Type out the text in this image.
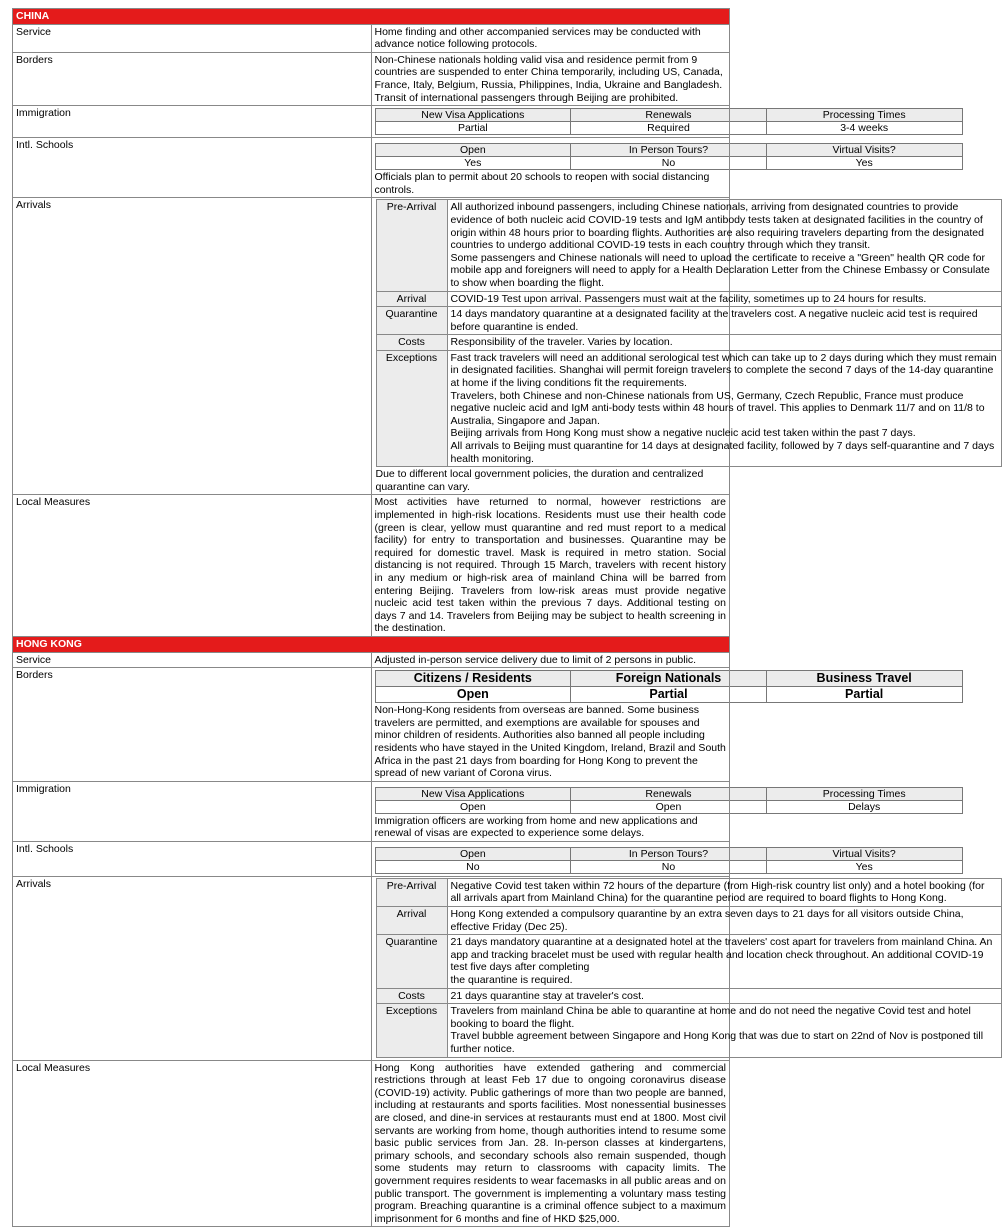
CHINA
Service	Home finding and other accompanied services may be conducted with advance notice following protocols.
Borders	Non-Chinese nationals holding valid visa and residence permit from 9 countries are suspended to enter China temporarily, including US, Canada, France, Italy, Belgium, Russia, Philippines, India, Ukraine and Bangladesh. Transit of international passengers through Beijing are prohibited.
Immigration		New Visa Applications	Renewals	Processing Times
Partial	Required	3-4 weeks

Intl. Schools		Open	In Person Tours?	Virtual Visits?
Yes	No	Yes

Officials plan to permit about 20 schools to reopen with social distancing controls.

Arrivals		Pre-Arrival	All authorized inbound passengers, including Chinese nationals, arriving from designated countries to provide evidence of both nucleic acid COVID-19 tests and IgM antibody tests taken at designated facilities in the country of origin within 48 hours prior to boarding flights. Authorities are also requiring travelers departing from the designated countries to undergo additional COVID-19 tests in each country through which they transit.

Some passengers and Chinese nationals will need to upload the certificate to receive a "Green" health QR code for mobile app and foreigners will need to apply for a Health Declaration Letter from the Chinese Embassy or Consulate to show when boarding the flight.

Arrival	COVID-19 Test upon arrival. Passengers must wait at the facility, sometimes up to 24 hours for results.
Quarantine	14 days mandatory quarantine at a designated facility at the travelers cost. A negative nucleic acid test is required before quarantine is ended.
Costs	Responsibility of the traveler. Varies by location.
Exceptions	Fast track travelers will need an additional serological test which can take up to 2 days during which they must remain in designated facilities. Shanghai will permit foreign travelers to complete the second 7 days of the 14-day quarantine at home if the living conditions fit the requirements.

Travelers, both Chinese and non-Chinese nationals from US, Germany, Czech Republic, France must produce negative nucleic acid and IgM anti-body tests within 48 hours of travel. This applies to Denmark 11/7 and on 11/8 to Australia, Singapore and Japan.

Beijing arrivals from Hong Kong must show a negative nucleic acid test taken within the past 7 days.

All arrivals to Beijing must quarantine for 14 days at designated facility, followed by 7 days self-quarantine and 7 days health monitoring.

Due to different local government policies, the duration and centralized quarantine can vary.

Local Measures	Most activities have returned to normal, however restrictions are implemented in high-risk locations. Residents must use their health code (green is clear, yellow must quarantine and red must report to a medical facility) for entry to transportation and businesses. Quarantine may be required for domestic travel. Mask is required in metro station. Social distancing is not required. Through 15 March, travelers with recent history in any medium or high-risk area of mainland China will be barred from entering Beijing. Travelers from low-risk areas must provide negative nucleic acid test taken within the previous 7 days. Additional testing on days 7 and 14. Travelers from Beijing may be subject to health screening in the destination.
HONG KONG
Service	Adjusted in-person service delivery due to limit of 2 persons in public.
Borders		Citizens / Residents	Foreign Nationals	Business Travel
Open	Partial	Partial

Non-Hong-Kong residents from overseas are banned. Some business travelers are permitted, and exemptions are available for spouses and minor children of residents. Authorities also banned all people including residents who have stayed in the United Kingdom, Ireland, Brazil and South Africa in the past 21 days from boarding for Hong Kong to prevent the spread of new variant of Corona virus.

Immigration		New Visa Applications	Renewals	Processing Times
Open	Open	Delays

Immigration officers are working from home and new applications and renewal of visas are expected to experience some delays.

Intl. Schools		Open	In Person Tours?	Virtual Visits?
No	No	Yes

Arrivals		Pre-Arrival	Negative Covid test taken within 72 hours of the departure (from High-risk country list only) and a hotel booking (for all arrivals apart from Mainland China) for the quarantine period are required to board flights to Hong Kong.
Arrival	Hong Kong extended a compulsory quarantine by an extra seven days to 21 days for all visitors outside China, effective Friday (Dec 25).
Quarantine	21 days mandatory quarantine at a designated hotel at the travelers' cost apart for travelers from mainland China. An app and tracking bracelet must be used with regular health and location check throughout. An additional COVID-19 test five days after completing

the quarantine is required.

Costs	21 days quarantine stay at traveler's cost.
Exceptions	Travelers from mainland China be able to quarantine at home and do not need the negative Covid test and hotel booking to board the flight.

Travel bubble agreement between Singapore and Hong Kong that was due to start on 22nd of Nov is postponed till further notice.

Local Measures	Hong Kong authorities have extended gathering and commercial restrictions through at least Feb 17 due to ongoing coronavirus disease (COVID-19) activity. Public gatherings of more than two people are banned, including at restaurants and sports facilities. Most nonessential businesses are closed, and dine-in services at restaurants must end at 1800. Most civil servants are working from home, though authorities intend to resume some basic public services from Jan. 28. In-person classes at kindergartens, primary schools, and secondary schools also remain suspended, though some students may return to classrooms with capacity limits. The government requires residents to wear facemasks in all public areas and on public transport. The government is implementing a voluntary mass testing program. Breaching quarantine is a criminal offence subject to a maximum imprisonment for 6 months and fine of HKD $25,000.
